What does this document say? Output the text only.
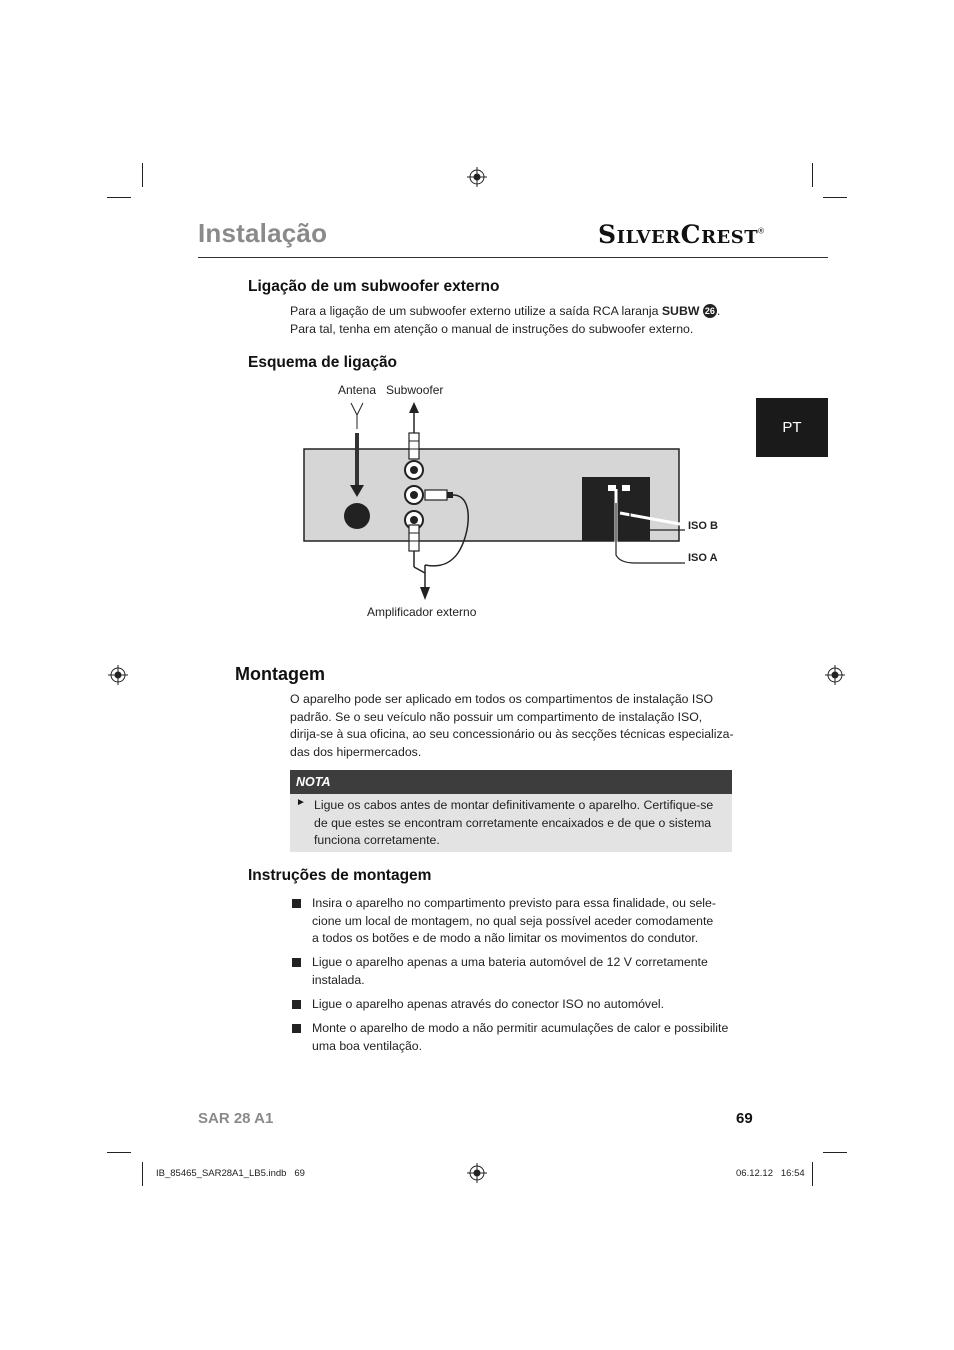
Instalação	SILVERCREST®
PT
Ligação de um subwoofer externo
Para a ligação de um subwoofer externo utilize a saída RCA laranja SUBW 26 .
Para tal, tenha em atenção o manual de instruções do subwoofer externo.
Esquema de ligação
Antena Subwoofer
Amplificador externo
ISO B
ISO A
Montagem
O aparelho pode ser aplicado em todos os compartimentos de instalação ISO
padrão. Se o seu veículo não possuir um compartimento de instalação ISO,
dirija-se à sua oficina, ao seu concessionário ou às secções técnicas especializa-
das dos hipermercados.
NOTA
► Ligue os cabos antes de montar definitivamente o aparelho. Certifique-se
de que estes se encontram corretamente encaixados e de que o sistema
funciona corretamente.
Instruções de montagem
Insira o aparelho no compartimento previsto para essa finalidade, ou sele-
cione um local de montagem, no qual seja possível aceder comodamente
a todos os botões e de modo a não limitar os movimentos do condutor.
Ligue o aparelho apenas a uma bateria automóvel de 12 V corretamente
instalada.
Ligue o aparelho apenas através do conector ISO no automóvel.
Monte o aparelho de modo a não permitir acumulações de calor e possibilite
uma boa ventilação.
SAR 28 A1	69
IB_85465_SAR28A1_LB5.indb   69	06.12.12   16:54
